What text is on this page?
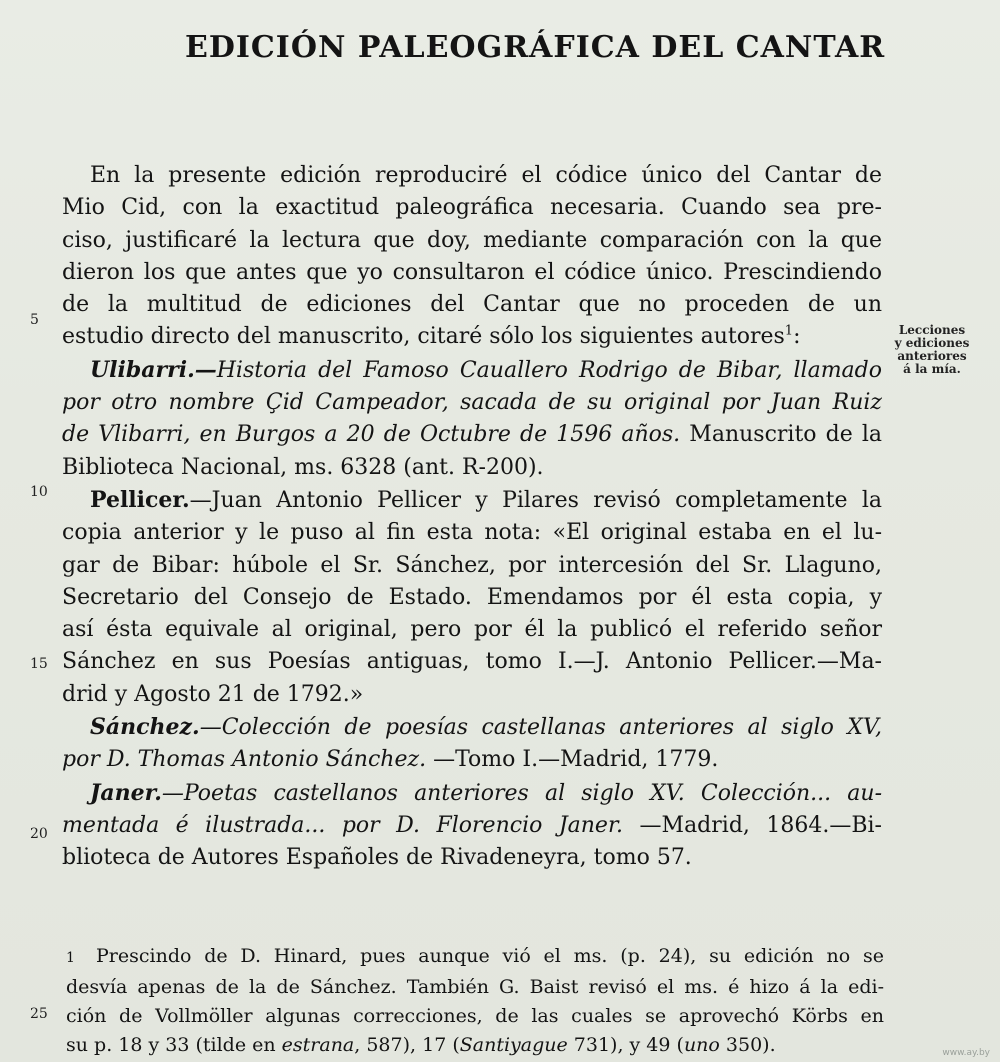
EDICIÓN PALEOGRÁFICA DEL CANTAR
5
10
15
20
25
Lecciones
y ediciones
anteriores
á la mía.
En la presente edición reproduciré el códice único del Cantar de
Mio Cid, con la exactitud paleográfica necesaria. Cuando sea pre-
ciso, justificaré la lectura que doy, mediante comparación con la que
dieron los que antes que yo consultaron el códice único. Prescindiendo
de la multitud de ediciones del Cantar que no proceden de un
estudio directo del manuscrito, citaré sólo los siguientes autores$^1$:
Ulibarri.—Historia del Famoso Cauallero Rodrigo de Bibar, llamado
por otro nombre Çid Campeador, sacada de su original por Juan Ruiz
de Vlibarri, en Burgos a 20 de Octubre de 1596 años. Manuscrito de la
Biblioteca Nacional, ms. 6328 (ant. R-200).
Pellicer.—Juan Antonio Pellicer y Pilares revisó completamente la
copia anterior y le puso al fin esta nota: «El original estaba en el lu-
gar de Bibar: húbole el Sr. Sánchez, por intercesión del Sr. Llaguno,
Secretario del Consejo de Estado. Emendamos por él esta copia, y
así ésta equivale al original, pero por él la publicó el referido señor
Sánchez en sus Poesías antiguas, tomo I.—J. Antonio Pellicer.—Ma-
drid y Agosto 21 de 1792.»
Sánchez.—Colección de poesías castellanas anteriores al siglo XV,
por D. Thomas Antonio Sánchez. —Tomo I.—Madrid, 1779.
Janer.—Poetas castellanos anteriores al siglo XV. Colección... au-
mentada é ilustrada... por D. Florencio Janer. —Madrid, 1864.—Bi-
blioteca de Autores Españoles de Rivadeneyra, tomo 57.
1 Prescindo de D. Hinard, pues aunque vió el ms. (p. 24), su edición no se
desvía apenas de la de Sánchez. También G. Baist revisó el ms. é hizo á la edi-
ción de Vollmöller algunas correcciones, de las cuales se aprovechó Körbs en
su p. 18 y 33 (tilde en estrana, 587), 17 (Santiyague 731), y 49 (uno 350).	www.ay.by
